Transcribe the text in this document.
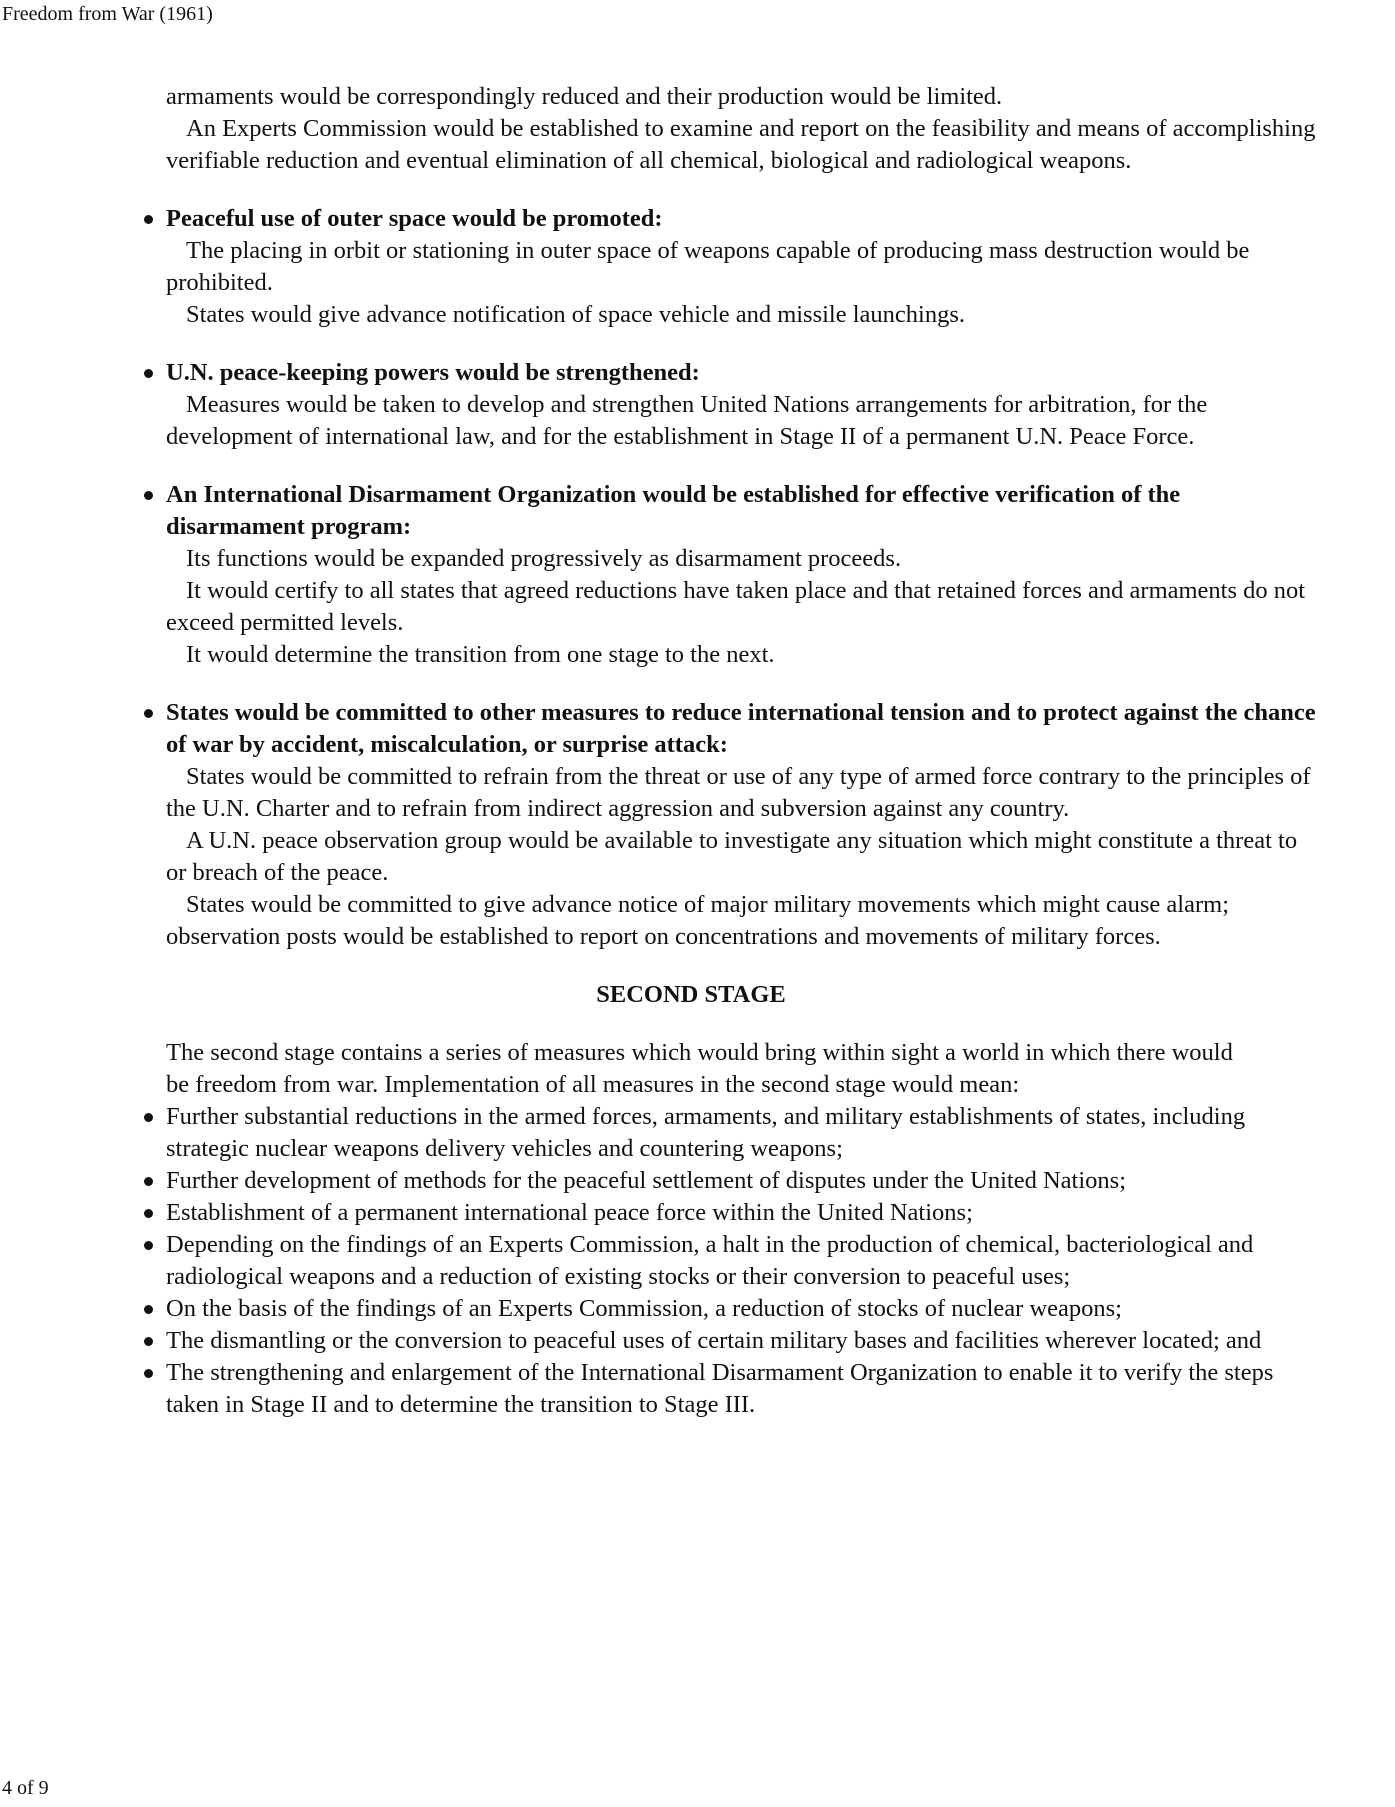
Freedom from War (1961)

armaments would be correspondingly reduced and their production would be limited.

An Experts Commission would be established to examine and report on the feasibility and means of accomplishing verifiable reduction and eventual elimination of all chemical, biological and radiological weapons.

Peaceful use of outer space would be promoted:

The placing in orbit or stationing in outer space of weapons capable of producing mass destruction would be prohibited.

States would give advance notification of space vehicle and missile launchings.

U.N. peace-keeping powers would be strengthened:

Measures would be taken to develop and strengthen United Nations arrangements for arbitration, for the development of international law, and for the establishment in Stage II of a permanent U.N. Peace Force.

An International Disarmament Organization would be established for effective verification of the disarmament program:

Its functions would be expanded progressively as disarmament proceeds.

It would certify to all states that agreed reductions have taken place and that retained forces and armaments do not exceed permitted levels.

It would determine the transition from one stage to the next.

States would be committed to other measures to reduce international tension and to protect against the chance of war by accident, miscalculation, or surprise attack:

States would be committed to refrain from the threat or use of any type of armed force contrary to the principles of the U.N. Charter and to refrain from indirect aggression and subversion against any country.

A U.N. peace observation group would be available to investigate any situation which might constitute a threat to or breach of the peace.

States would be committed to give advance notice of major military movements which might cause alarm; observation posts would be established to report on concentrations and movements of military forces.

SECOND STAGE

The second stage contains a series of measures which would bring within sight a world in which there would be freedom from war. Implementation of all measures in the second stage would mean:

Further substantial reductions in the armed forces, armaments, and military establishments of states, including strategic nuclear weapons delivery vehicles and countering weapons;
Further development of methods for the peaceful settlement of disputes under the United Nations;
Establishment of a permanent international peace force within the United Nations;
Depending on the findings of an Experts Commission, a halt in the production of chemical, bacteriological and radiological weapons and a reduction of existing stocks or their conversion to peaceful uses;
On the basis of the findings of an Experts Commission, a reduction of stocks of nuclear weapons;
The dismantling or the conversion to peaceful uses of certain military bases and facilities wherever located; and
The strengthening and enlargement of the International Disarmament Organization to enable it to verify the steps taken in Stage II and to determine the transition to Stage III.
4 of 9
